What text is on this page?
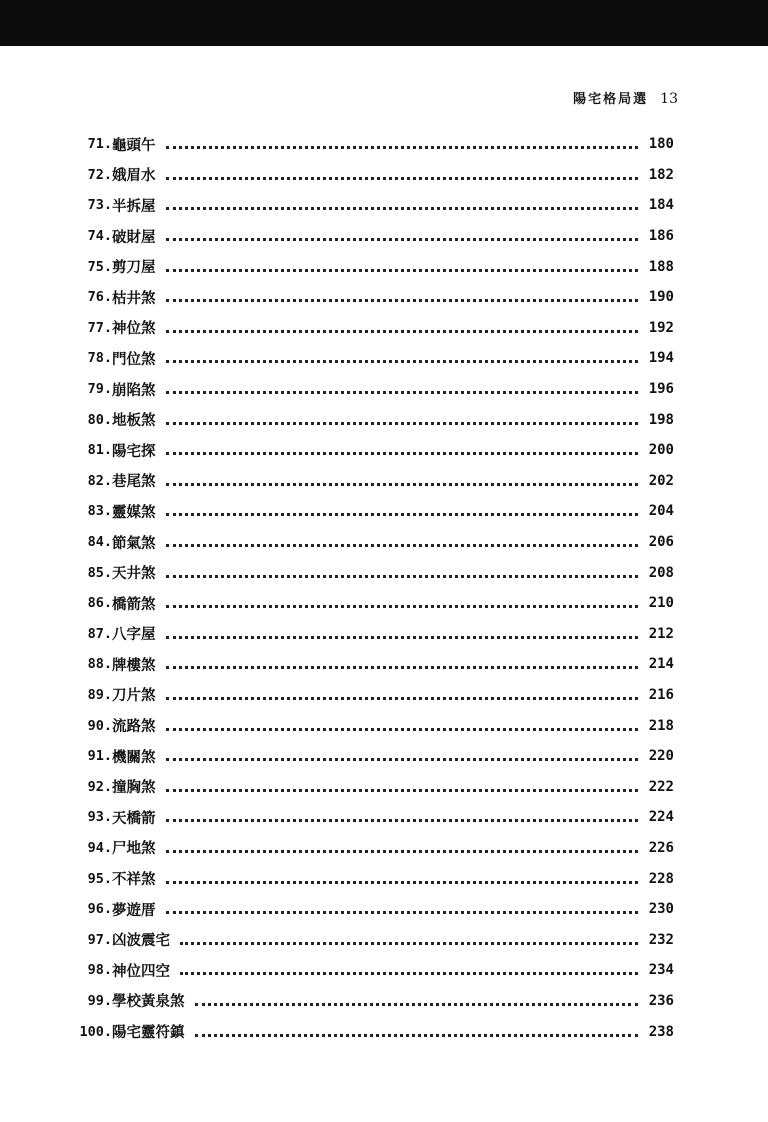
陽宅格局選 13
71. 龜頭午	180
72. 娥眉水	182
73. 半拆屋	184
74. 破財屋	186
75. 剪刀屋	188
76. 枯井煞	190
77. 神位煞	192
78. 門位煞	194
79. 崩陷煞	196
80. 地板煞	198
81. 陽宅探	200
82. 巷尾煞	202
83. 靈媒煞	204
84. 節氣煞	206
85. 天井煞	208
86. 橋箭煞	210
87. 八字屋	212
88. 牌樓煞	214
89. 刀片煞	216
90. 流路煞	218
91. 機關煞	220
92. 撞胸煞	222
93. 天橋箭	224
94. 尸地煞	226
95. 不祥煞	228
96. 夢遊厝	230
97. 凶波震宅	232
98. 神位四空	234
99. 學校黃泉煞	236
100. 陽宅靈符鎮	238
